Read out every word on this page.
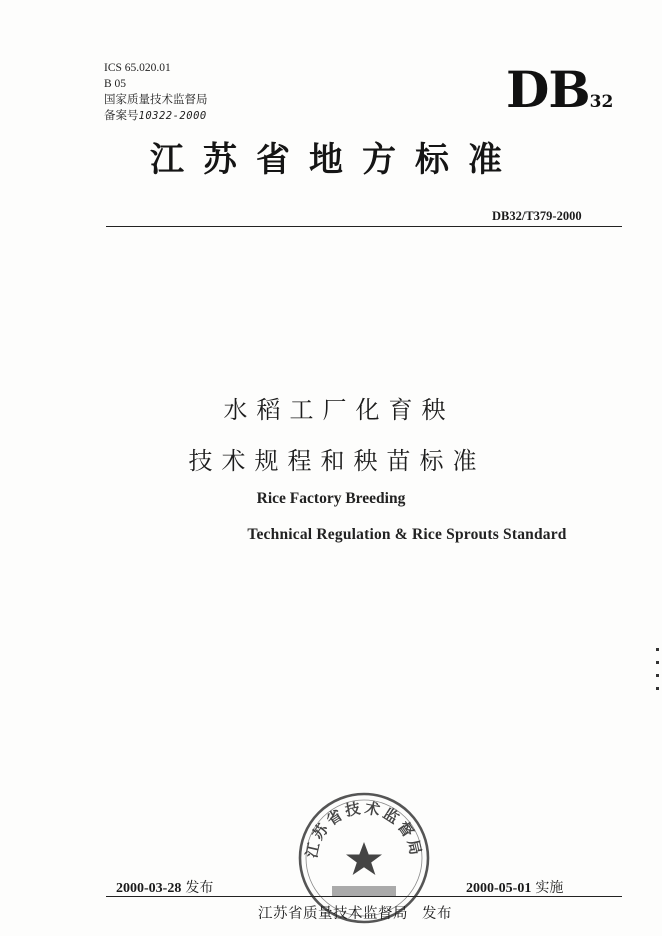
ICS 65.020.01
B 05
国家质量技术监督局
备案号10322-2000	DB32
江苏省地方标准
DB32/T379-2000
水稻工厂化育秧
技术规程和秧苗标准
Rice Factory Breeding
Technical Regulation & Rice Sprouts Standard
江苏省技术监督局
2000-03-28 发布	2000-05-01 实施
江苏省质量技术监督局 发布
